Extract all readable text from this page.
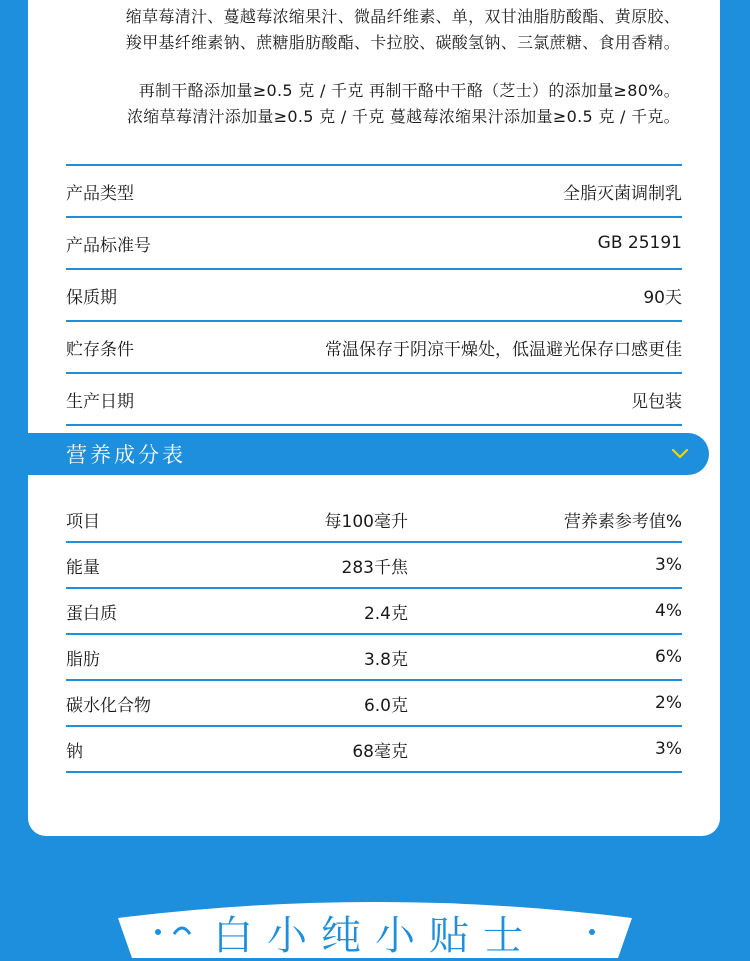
缩草莓清汁、蔓越莓浓缩果汁、微晶纤维素、单，双甘油脂肪酸酯、黄原胶、

羧甲基纤维素钠、蔗糖脂肪酸酯、卡拉胶、碳酸氢钠、三氯蔗糖、食用香精。

再制干酪添加量≥0.5 克 / 千克 再制干酪中干酪（芝士）的添加量≥80%。

浓缩草莓清汁添加量≥0.5 克 / 千克 蔓越莓浓缩果汁添加量≥0.5 克 / 千克。

产品类型	全脂灭菌调制乳
产品标准号	GB 25191
保质期	90天
贮存条件	常温保存于阴凉干燥处，低温避光保存口感更佳
生产日期	见包装
营养成分表
项目	每100毫升	营养素参考值%
能量	283千焦	3%
蛋白质	2.4克	4%
脂肪	3.8克	6%
碳水化合物	6.0克	2%
钠	68毫克	3%
白小纯小贴士
